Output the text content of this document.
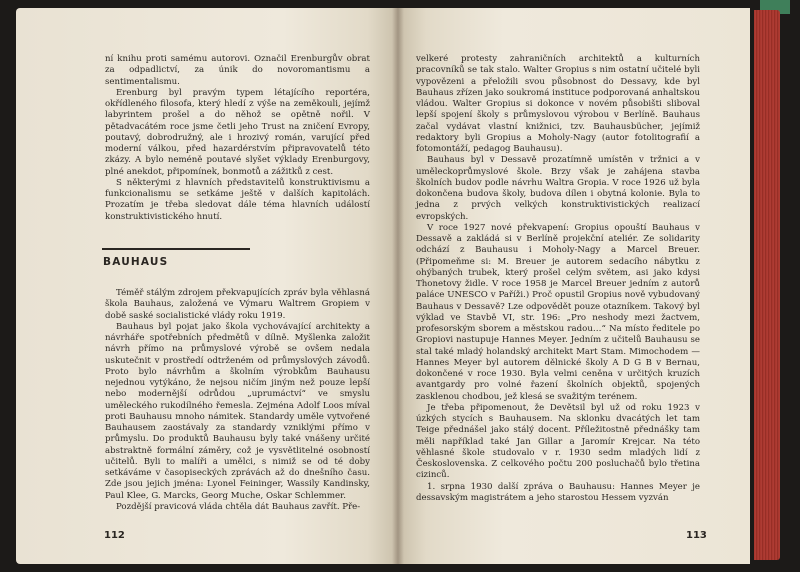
ní knihu proti samému autorovi. Označil Erenburgův obrat za odpadlictví, za únik do novoromantismu a sentimentalismu.

Erenburg byl pravým typem létajícího reportéra, okřídleného filosofa, který hledí z výše na zeměkouli, jejímž labyrintem prošel a do něhož se opětně nořil. V pětadvacátém roce jsme četli jeho Trust na zničení Evropy, poutavý, dobrodružný, ale i hrozivý román, varující před moderní válkou, před hazardérstvím připravovatelů této zkázy. A bylo neméně poutavé slyšet výklady Erenburgovy, plné anekdot, připomínek, bonmotů a zážitků z cest.

S některými z hlavních představitelů konstruktivismu a funkcionalismu se setkáme ještě v dalších kapitolách. Prozatím je třeba sledovat dále téma hlavních událostí konstruktivistického hnutí.

BAUHAUS

Téměř stálým zdrojem překvapujících zpráv byla věhlasná škola Bauhaus, založená ve Výmaru Waltrem Gropiem v době saské socialistické vlády roku 1919.

Bauhaus byl pojat jako škola vychovávající architekty a návrháře spotřebních předmětů v dílně. Myšlenka založit návrh přímo na průmyslové výrobě se ovšem nedala uskutečnit v prostředí odtrženém od průmyslových závodů. Proto bylo návrhům a školním výrobkům Bauhausu nejednou vytýkáno, že nejsou ničím jiným než pouze lepší nebo modernější odrůdou „uprumáctví“ ve smyslu uměleckého rukodílného řemesla. Zejména Adolf Loos míval proti Bauhausu mnoho námitek. Standardy uměle vytvořené Bauhausem zaostávaly za standardy vzniklými přímo v průmyslu. Do produktů Bauhausu byly také vnášeny určité abstraktně formální záměry, což je vysvětlitelné osobností učitelů. Byli to malíři a umělci, s nimiž se od té doby setkáváme v časopiseckých zprávách až do dnešního času. Zde jsou jejich jména: Lyonel Feininger, Wassily Kandinsky, Paul Klee, G. Marcks, Georg Muche, Oskar Schlemmer.

Pozdější pravicová vláda chtěla dát Bauhaus zavřít. Pře-

112

velkeré protesty zahraničních architektů a kulturních pracovníků se tak stalo. Walter Gropius s nim ostatní učitelé byli vypovězeni a přeložili svou působnost do Dessavy, kde byl Bauhaus zřízen jako soukromá instituce podporovaná anhaltskou vládou. Walter Gropius si dokonce v novém působišti sliboval lepší spojení školy s průmyslovou výrobou v Berlíně. Bauhaus začal vydávat vlastní knižnici, tzv. Bauhausbücher, jejímiž redaktory byli Gropius a Moholy-Nagy (autor fotolitografií a fotomontáží, pedagog Bauhausu).

Bauhaus byl v Dessavě prozatímně umístěn v tržnici a v uměleckoprůmyslové škole. Brzy však je zahájena stavba školních budov podle návrhu Waltra Gropia. V roce 1926 už byla dokončena budova školy, budova dílen i obytná kolonie. Byla to jedna z prvých velkých konstruktivistických realizací evropských.

V roce 1927 nové překvapení: Gropius opouští Bauhaus v Dessavě a zakládá si v Berlíně projekční ateliér. Ze solidarity odchází z Bauhausu i Moholy-Nagy a Marcel Breuer. (Připomeňme si: M. Breuer je autorem sedacího nábytku z ohýbaných trubek, který prošel celým světem, asi jako kdysi Thonetovy židle. V roce 1958 je Marcel Breuer jedním z autorů paláce UNESCO v Paříži.) Proč opustil Gropius nově vybudovaný Bauhaus v Dessavě? Lze odpovědět pouze otazníkem. Takový byl výklad ve Stavbě VI, str. 196: „Pro neshody mezi žactvem, profesorským sborem a městskou radou…“ Na místo ředitele po Gropiovi nastupuje Hannes Meyer. Jedním z učitelů Bauhausu se stal také mladý holandský architekt Mart Stam. Mimochodem — Hannes Meyer byl autorem dělnické školy A D G B v Bernau, dokončené v roce 1930. Byla velmi ceněna v určitých kruzích avantgardy pro volné řazení školních objektů, spojených zasklenou chodbou, jež klesá se svažitým terénem.

Je třeba připomenout, že Devětsil byl už od roku 1923 v úzkých stycích s Bauhausem. Na sklonku dvacátých let tam Teige přednášel jako stálý docent. Příležitostně přednášky tam měli například také Jan Gillar a Jaromír Krejcar. Na této věhlasné škole studovalo v r. 1930 sedm mladých lidí z Československa. Z celkového počtu 200 posluchačů bylo třetina cizinců.

1. srpna 1930 další zpráva o Bauhausu: Hannes Meyer je dessavským magistrátem a jeho starostou Hessem vyzván

113
